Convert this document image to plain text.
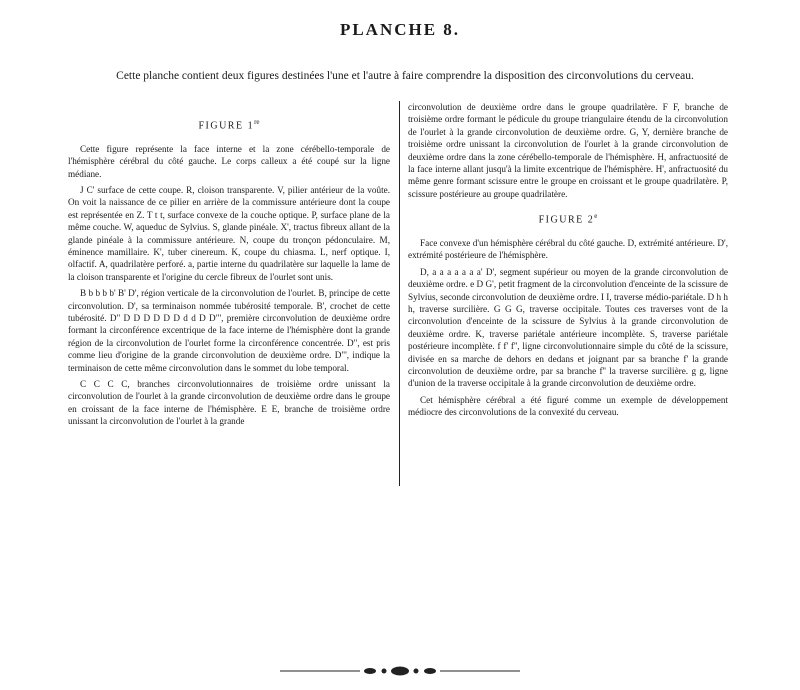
PLANCHE 8.
Cette planche contient deux figures destinées l'une et l'autre à faire comprendre la disposition des circonvolutions du cerveau.
FIGURE 1re

Cette figure représente la face interne et la zone cérébello-temporale de l'hémisphère cérébral du côté gauche. Le corps calleux a été coupé sur la ligne médiane.

J C' surface de cette coupe. R, cloison transparente. V, pilier antérieur de la voûte. On voit la naissance de ce pilier en arrière de la commissure antérieure dont la coupe est représentée en Z. T t t, surface convexe de la couche optique. P, surface plane de la même couche. W, aqueduc de Sylvius. S, glande pinéale. X', tractus fibreux allant de la glande pinéale à la commissure antérieure. N, coupe du tronçon pédonculaire. M, éminence mamillaire. K', tuber cinereum. K, coupe du chiasma. L, nerf optique. I, olfactif. A, quadrilatère perforé. a, partie interne du quadrilatère sur laquelle la lame de la cloison transparente et l'origine du cercle fibreux de l'ourlet sont unis.

B b b b b' B' D', région verticale de la circonvolution de l'ourlet. B, principe de cette circonvolution. D', sa terminaison nommée tubérosité temporale. B', crochet de cette tubérosité. D" D D D D D D d d D D"', première circonvolution de deuxième ordre formant la circonférence excentrique de la face interne de l'hémisphère dont la grande région de la circonvolution de l'ourlet forme la circonférence concentrée. D", est pris comme lieu d'origine de la grande circonvolution de deuxième ordre. D"', indique la terminaison de cette même circonvolution dans le sommet du lobe temporal.

C C C C, branches circonvolutionnaires de troisième ordre unissant la circonvolution de l'ourlet à la grande circonvolution de deuxième ordre dans le groupe en croissant de la face interne de l'hémisphère. E E, branche de troisième ordre unissant la circonvolution de l'ourlet à la grande

circonvolution de deuxième ordre dans le groupe quadrilatère. F F, branche de troisième ordre formant le pédicule du groupe triangulaire étendu de la circonvolution de l'ourlet à la grande circonvolution de deuxième ordre. G, Y, dernière branche de troisième ordre unissant la circonvolution de l'ourlet à la grande circonvolution de deuxième ordre dans la zone cérébello-temporale de l'hémisphère. H, anfractuosité de la face interne allant jusqu'à la limite excentrique de l'hémisphère. H', anfractuosité du même genre formant scissure entre le groupe en croissant et le groupe quadrilatère. P, scissure postérieure au groupe quadrilatère.

FIGURE 2e

Face convexe d'un hémisphère cérébral du côté gauche. D, extrémité antérieure. D', extrémité postérieure de l'hémisphère.

D, a a a a a a a' D', segment supérieur ou moyen de la grande circonvolution de deuxième ordre. e D G', petit fragment de la circonvolution d'enceinte de la scissure de Sylvius, seconde circonvolution de deuxième ordre. I I, traverse médio-pariétale. D h h h, traverse surcilière. G G G, traverse occipitale. Toutes ces traverses vont de la circonvolution d'enceinte de la scissure de Sylvius à la grande circonvolution de deuxième ordre. K, traverse pariétale antérieure incomplète. S, traverse pariétale postérieure incomplète. f f' f'', ligne circonvolutionnaire simple du côté de la scissure, divisée en sa marche de dehors en dedans et joignant par sa branche f' la grande circonvolution de deuxième ordre, par sa branche f'' la traverse surcilière. g g, ligne d'union de la traverse occipitale à la grande circonvolution de deuxième ordre.

Cet hémisphère cérébral a été figuré comme un exemple de développement médiocre des circonvolutions de la convexité du cerveau.
